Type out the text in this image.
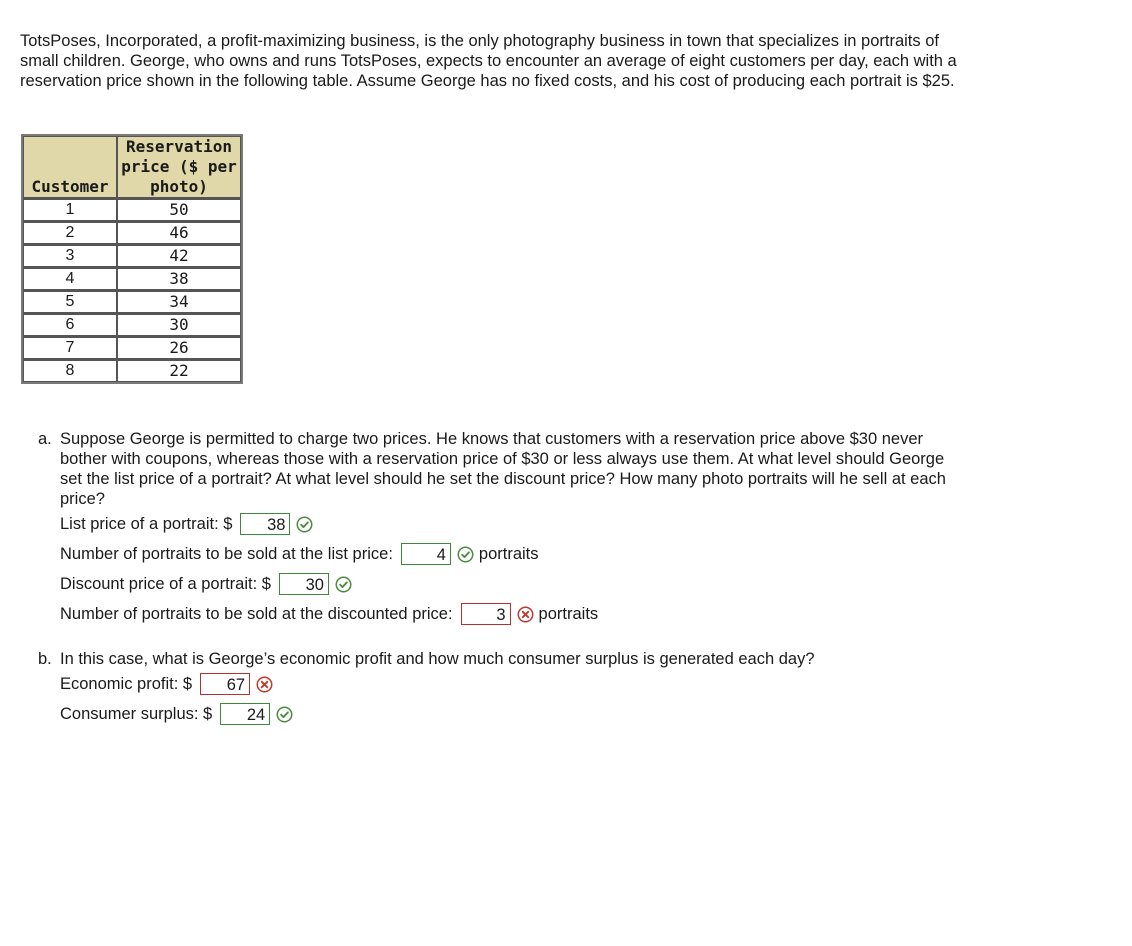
TotsPoses, Incorporated, a profit-maximizing business, is the only photography business in town that specializes in portraits of small children. George, who owns and runs TotsPoses, expects to encounter an average of eight customers per day, each with a reservation price shown in the following table. Assume George has no fixed costs, and his cost of producing each portrait is $25.

Customer	Reservation price ($ per photo)
1	50
2	46
3	42
4	38
5	34
6	30
7	26
8	22
a. Suppose George is permitted to charge two prices. He knows that customers with a reservation price above $30 never bother with coupons, whereas those with a reservation price of $30 or less always use them. At what level should George set the list price of a portrait? At what level should he set the discount price? How many photo portraits will he sell at each price?
List price of a portrait: $	38
Number of portraits to be sold at the list price:	4	portraits
Discount price of a portrait: $	30
Number of portraits to be sold at the discounted price:	3	portraits
b. In this case, what is George’s economic profit and how much consumer surplus is generated each day?
Economic profit: $	67
Consumer surplus: $	24
